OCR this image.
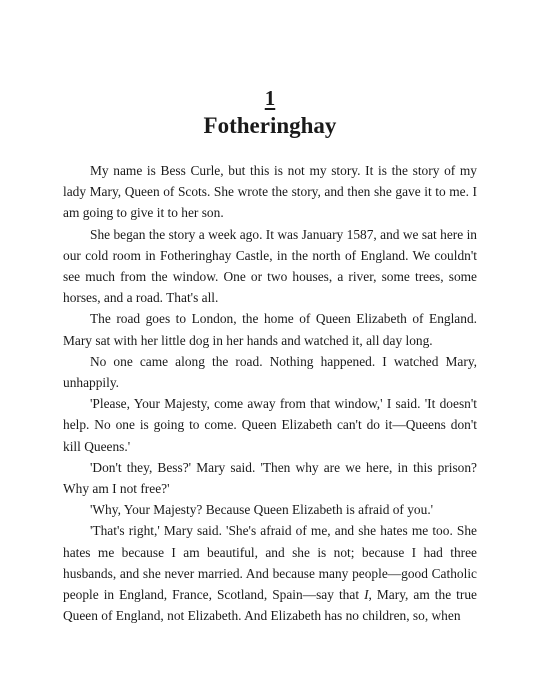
1
Fotheringhay

My name is Bess Curle, but this is not my story. It is the story of my lady Mary, Queen of Scots. She wrote the story, and then she gave it to me. I am going to give it to her son.

She began the story a week ago. It was January 1587, and we sat here in our cold room in Fotheringhay Castle, in the north of England. We couldn't see much from the window. One or two houses, a river, some trees, some horses, and a road. That's all.

The road goes to London, the home of Queen Elizabeth of England. Mary sat with her little dog in her hands and watched it, all day long.

No one came along the road. Nothing happened. I watched Mary, unhappily.

'Please, Your Majesty, come away from that window,' I said. 'It doesn't help. No one is going to come. Queen Elizabeth can't do it—Queens don't kill Queens.'

'Don't they, Bess?' Mary said. 'Then why are we here, in this prison? Why am I not free?'

'Why, Your Majesty? Because Queen Elizabeth is afraid of you.'

'That's right,' Mary said. 'She's afraid of me, and she hates me too. She hates me because I am beautiful, and she is not; because I had three husbands, and she never married. And because many people—good Catholic people in England, France, Scotland, Spain—say that I, Mary, am the true Queen of England, not Elizabeth. And Elizabeth has no children, so, when
